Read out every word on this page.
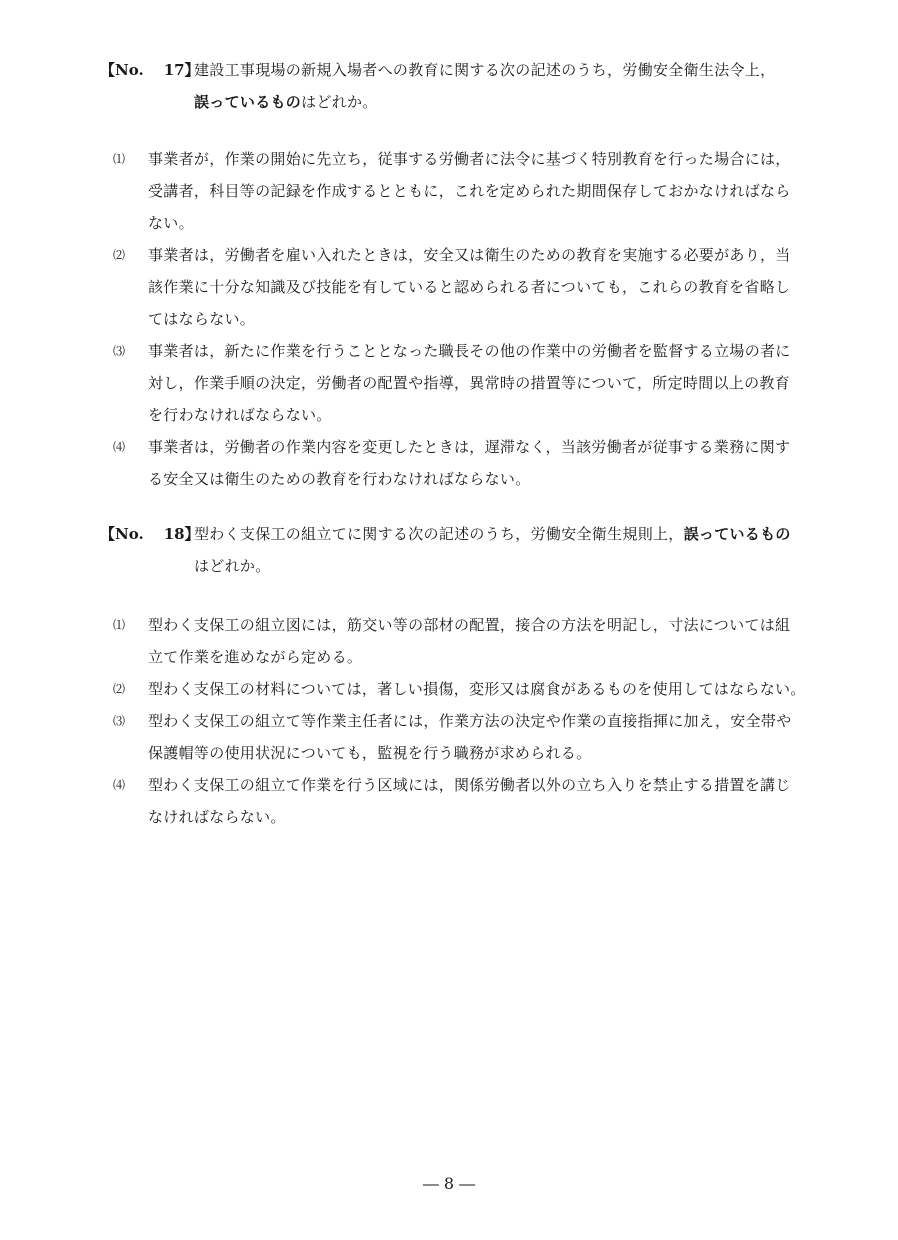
【No. 17】
建設工事現場の新規入場者への教育に関する次の記述のうち，労働安全衛生法令上，
誤っているものはどれか。
⑴ 事業者が，作業の開始に先立ち，従事する労働者に法令に基づく特別教育を行った場合には，
受講者，科目等の記録を作成するとともに，これを定められた期間保存しておかなければなら
ない。
⑵ 事業者は，労働者を雇い入れたときは，安全又は衛生のための教育を実施する必要があり，当
該作業に十分な知識及び技能を有していると認められる者についても，これらの教育を省略し
てはならない。
⑶ 事業者は，新たに作業を行うこととなった職長その他の作業中の労働者を監督する立場の者に
対し，作業手順の決定，労働者の配置や指導，異常時の措置等について，所定時間以上の教育
を行わなければならない。
⑷ 事業者は，労働者の作業内容を変更したときは，遅滞なく，当該労働者が従事する業務に関す
る安全又は衛生のための教育を行わなければならない。
【No. 18】
型わく支保工の組立てに関する次の記述のうち，労働安全衛生規則上，誤っているもの
はどれか。
⑴ 型わく支保工の組立図には，筋交い等の部材の配置，接合の方法を明記し，寸法については組
立て作業を進めながら定める。
⑵ 型わく支保工の材料については，著しい損傷，変形又は腐食があるものを使用してはならない。
⑶ 型わく支保工の組立て等作業主任者には，作業方法の決定や作業の直接指揮に加え，安全帯や
保護帽等の使用状況についても，監視を行う職務が求められる。
⑷ 型わく支保工の組立て作業を行う区域には，関係労働者以外の立ち入りを禁止する措置を講じ
なければならない。
― 8 ―
